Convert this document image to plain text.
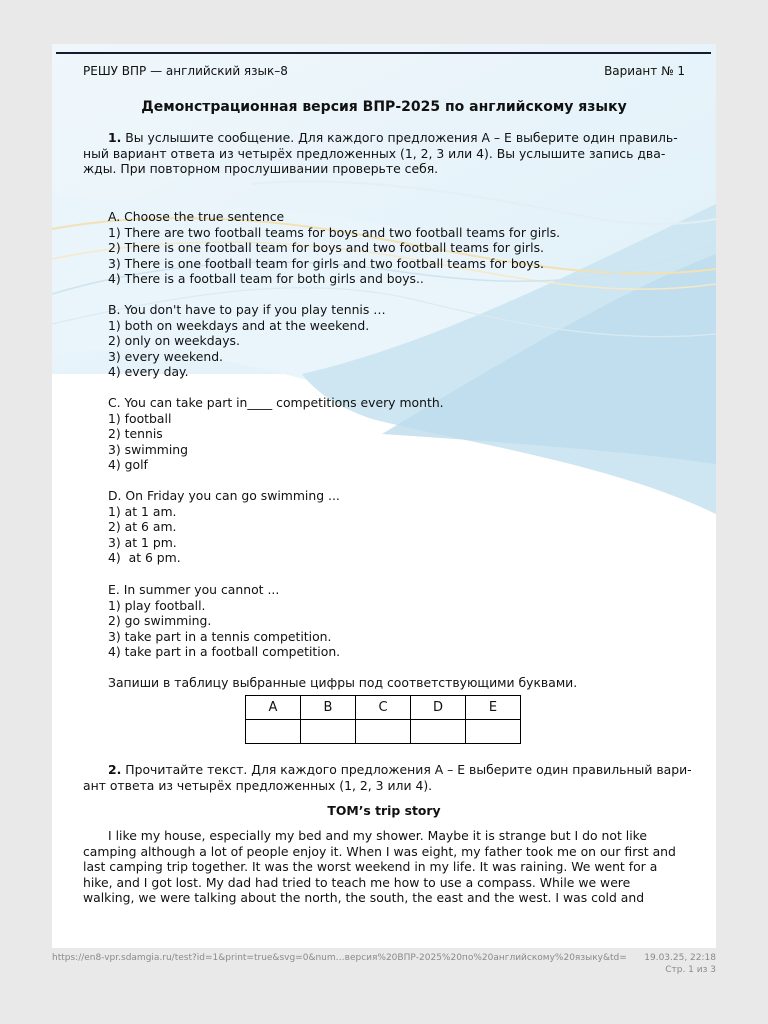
РЕШУ ВПР — английский язык–8	Вариант № 1
Демонстрационная версия ВПР-2025 по английскому языку
1. Вы услышите сообщение. Для каждого предложения А – Е выберите один правиль-
ный вариант ответа из четырёх предложенных (1, 2, 3 или 4). Вы услышите запись два-
жды. При повторном прослушивании проверьте себя.
A. Choose the true sentence
1) There are two football teams for boys and two football teams for girls.
2) There is one football team for boys and two football teams for girls.
3) There is one football team for girls and two football teams for boys.
4) There is a football team for both girls and boys..
B. You don't have to pay if you play tennis …
1) both on weekdays and at the weekend.
2) only on weekdays.
3) every weekend.
4) every day.
C. You can take part in____ competitions every month.
1) football
2) tennis
3) swimming
4) golf
D. On Friday you can go swimming ...
1) at 1 am.
2) at 6 am.
3) at 1 pm.
4)  at 6 pm.
E. In summer you cannot ...
1) play football.
2) go swimming.
3) take part in a tennis competition.
4) take part in a football competition.
Запиши в таблицу выбранные цифры под соответствующими буквами.
A	B	C	D	E

2. Прочитайте текст. Для каждого предложения А – Е выберите один правильный вари-
ант ответа из четырёх предложенных (1, 2, 3 или 4).
TOM’s trip story
I like my house, especially my bed and my shower. Maybe it is strange but I do not like
camping although a lot of people enjoy it. When I was eight, my father took me on our first and
last camping trip together. It was the worst weekend in my life. It was raining. We went for a
hike, and I got lost. My dad had tried to teach me how to use a compass. While we were
walking, we were talking about the north, the south, the east and the west. I was cold and
https://en8-vpr.sdamgia.ru/test?id=1&print=true&svg=0&num…версия%20ВПР-2025%20по%20английскому%20языку&td= 19.03.25, 22:18
Стр. 1 из 3
